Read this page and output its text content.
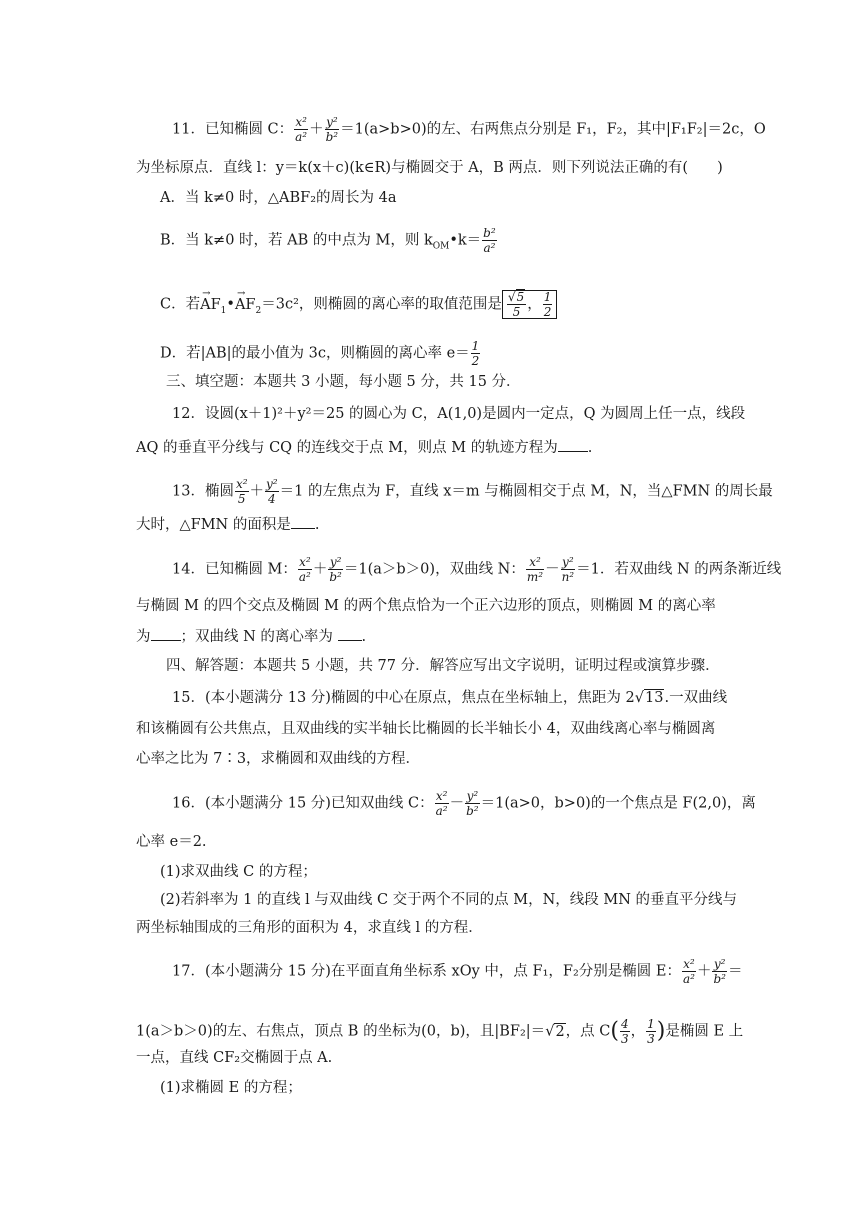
11．已知椭圆 C： $\frac{\text{x²}}{\text{a²}} + \frac{\text{y²}}{\text{b²}} =1(a>b>0)$的左、右两焦点分别是 F₁，F₂，其中|F₁F₂|＝2c，O
为坐标原点．直线 l：y＝k(x＋c)(k∈R)与椭圆交于 A，B 两点．则下列说法正确的有(　　)
A．当 k≠0 时，△ABF₂的周长为 4a
B．当 k≠0 时，若 AB 的中点为 M，则 $k_{OM}•k= \frac{\text{b²}}{\text{a²}}$
C．若→ $AF_1•\to AF_2=3c^2$，则椭圆的离心率的取值范围是 $\frac{√5}{5}$ ， $\frac{1}{2}$
D．若|AB|的最小值为 3c，则椭圆的离心率 $e= \frac{1}{2}$
三、填空题：本题共 3 小题，每小题 5 分，共 15 分．
12．设圆(x＋1)²＋y²＝25 的圆心为 C，A(1,0)是圆内一定点，Q 为圆周上任一点，线段
AQ 的垂直平分线与 CQ 的连线交于点 M，则点 M 的轨迹方程为 .
13．椭圆 $\frac{\text{x²}}{5} + \frac{\text{y²}}{4} =1$ 的左焦点为 F，直线 x＝m 与椭圆相交于点 M，N，当△FMN 的周长最
大时，△FMN 的面积是 .
14．已知椭圆 M： $\frac{\text{x²}}{\text{a²}} + \frac{\text{y²}}{\text{b²}} =1(a>b>0)$，双曲线 N： $\frac{\text{x²}}{\text{m²}} - \frac{\text{y²}}{\text{n²}} =1$．若双曲线 N 的两条渐近线
与椭圆 M 的四个交点及椭圆 M 的两个焦点恰为一个正六边形的顶点，则椭圆 M 的离心率
为 ；双曲线 N 的离心率为 .
四、解答题：本题共 5 小题，共 77 分．解答应写出文字说明，证明过程或演算步骤．
15．(本小题满分 13 分)椭圆的中心在原点，焦点在坐标轴上，焦距为 2√13.一双曲线
和该椭圆有公共焦点，且双曲线的实半轴长比椭圆的长半轴长小 4，双曲线离心率与椭圆离
心率之比为 7∶3，求椭圆和双曲线的方程．
16．(本小题满分 15 分)已知双曲线 C： $\frac{\text{x²}}{\text{a²}} - \frac{\text{y²}}{\text{b²}} =1(a>0$，b>0)的一个焦点是 F(2,0)，离
心率 e＝2.
(1)求双曲线 C 的方程；
(2)若斜率为 1 的直线 l 与双曲线 C 交于两个不同的点 M，N，线段 MN 的垂直平分线与
两坐标轴围成的三角形的面积为 4，求直线 l 的方程．
17．(本小题满分 15 分)在平面直角坐标系 xOy 中，点 F₁，F₂分别是椭圆 E： $\frac{\text{x²}}{\text{a²}} + \frac{\text{y²}}{\text{b²}}$ ＝
1(a＞b＞0)的左、右焦点，顶点 B 的坐标为(0，b)，且|BF₂|＝√2，点 $C( \frac{4}{3}$ ， $\frac{1}{3}$ )是椭圆 E 上
一点，直线 CF₂交椭圆于点 A.
(1)求椭圆 E 的方程；
